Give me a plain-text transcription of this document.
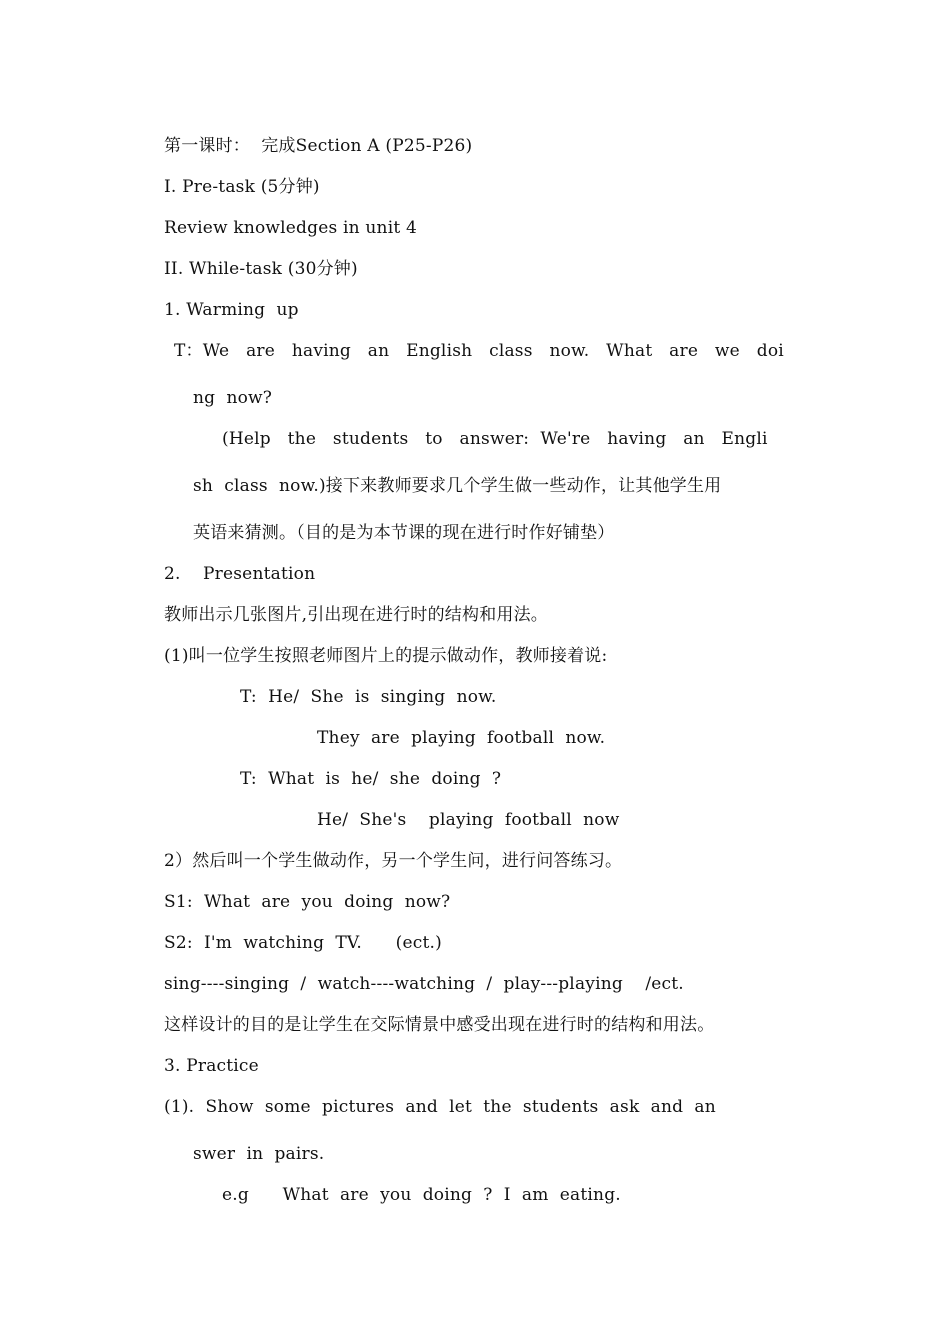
第一课时：  完成Section A (P25-P26)
I. Pre-task (5分钟)
Review knowledges in unit 4
II. While-task (30分钟)
1. Warming  up
T：We   are   having   an   English   class   now.   What   are   we   doi
ng  now?
(Help   the   students   to   answer:  We're   having   an   Engli
sh  class  now.)接下来教师要求几个学生做一些动作，让其他学生用
英语来猜测。（目的是为本节课的现在进行时作好铺垫）
2.    Presentation
教师出示几张图片,引出现在进行时的结构和用法。
(1)叫一位学生按照老师图片上的提示做动作，教师接着说:
T:  He/  She  is  singing  now.
They  are  playing  football  now.
T:  What  is  he/  she  doing  ?
He/  She's    playing  football  now
2）然后叫一个学生做动作，另一个学生问，进行问答练习。
S1:  What  are  you  doing  now?
S2:  I'm  watching  TV.      (ect.)
sing----singing  /  watch----watching  /  play---playing    /ect.
这样设计的目的是让学生在交际情景中感受出现在进行时的结构和用法。
3. Practice
(1).  Show  some  pictures  and  let  the  students  ask  and  an
swer  in  pairs.
e.g      What  are  you  doing  ?  I  am  eating.
